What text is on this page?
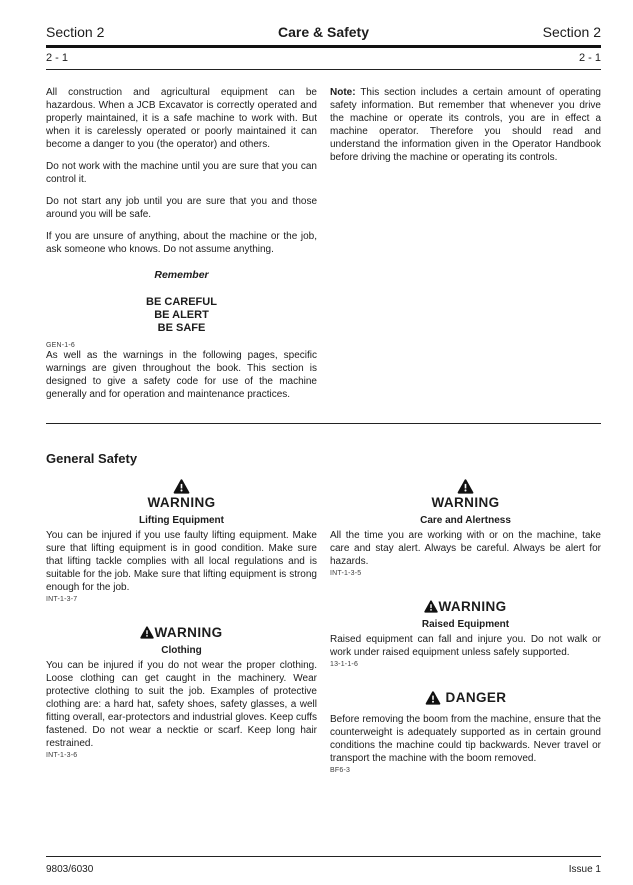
Section 2	Care & Safety	Section 2
2 - 1	2 - 1

All construction and agricultural equipment can be hazardous. When a JCB Excavator is correctly operated and properly maintained, it is a safe machine to work with. But when it is carelessly operated or poorly maintained it can become a danger to you (the operator) and others.

Do not work with the machine until you are sure that you can control it.

Do not start any job until you are sure that you and those around you will be safe.

If you are unsure of anything, about the machine or the job, ask someone who knows. Do not assume anything.

Remember
BE CAREFUL
BE ALERT
BE SAFE
GEN-1-6

As well as the warnings in the following pages, specific warnings are given throughout the book. This section is designed to give a safety code for use of the machine generally and for operation and maintenance practices.

Note: This section includes a certain amount of operating safety information. But remember that whenever you drive the machine or operate its controls, you are in effect a machine operator. Therefore you should read and understand the information given in the Operator Handbook before driving the machine or operating its controls.

General Safety
WARNING
Lifting Equipment

You can be injured if you use faulty lifting equipment. Make sure that lifting equipment is in good condition. Make sure that lifting tackle complies with all local regulations and is suitable for the job. Make sure that lifting equipment is strong enough for the job.

INT-1-3-7
WARNING
Clothing

You can be injured if you do not wear the proper clothing. Loose clothing can get caught in the machinery. Wear protective clothing to suit the job. Examples of protective clothing are: a hard hat, safety shoes, safety glasses, a well fitting overall, ear-protectors and industrial gloves. Keep cuffs fastened. Do not wear a necktie or scarf. Keep long hair restrained.

INT-1-3-6
WARNING
Care and Alertness

All the time you are working with or on the machine, take care and stay alert. Always be careful. Always be alert for hazards.

INT-1-3-5
WARNING
Raised Equipment

Raised equipment can fall and injure you. Do not walk or work under raised equipment unless safely supported.

13-1-1-6
DANGER

Before removing the boom from the machine, ensure that the counterweight is adequately supported as in certain ground conditions the machine could tip backwards. Never travel or transport the machine with the boom removed.

BF6-3
9803/6030	Issue 1
